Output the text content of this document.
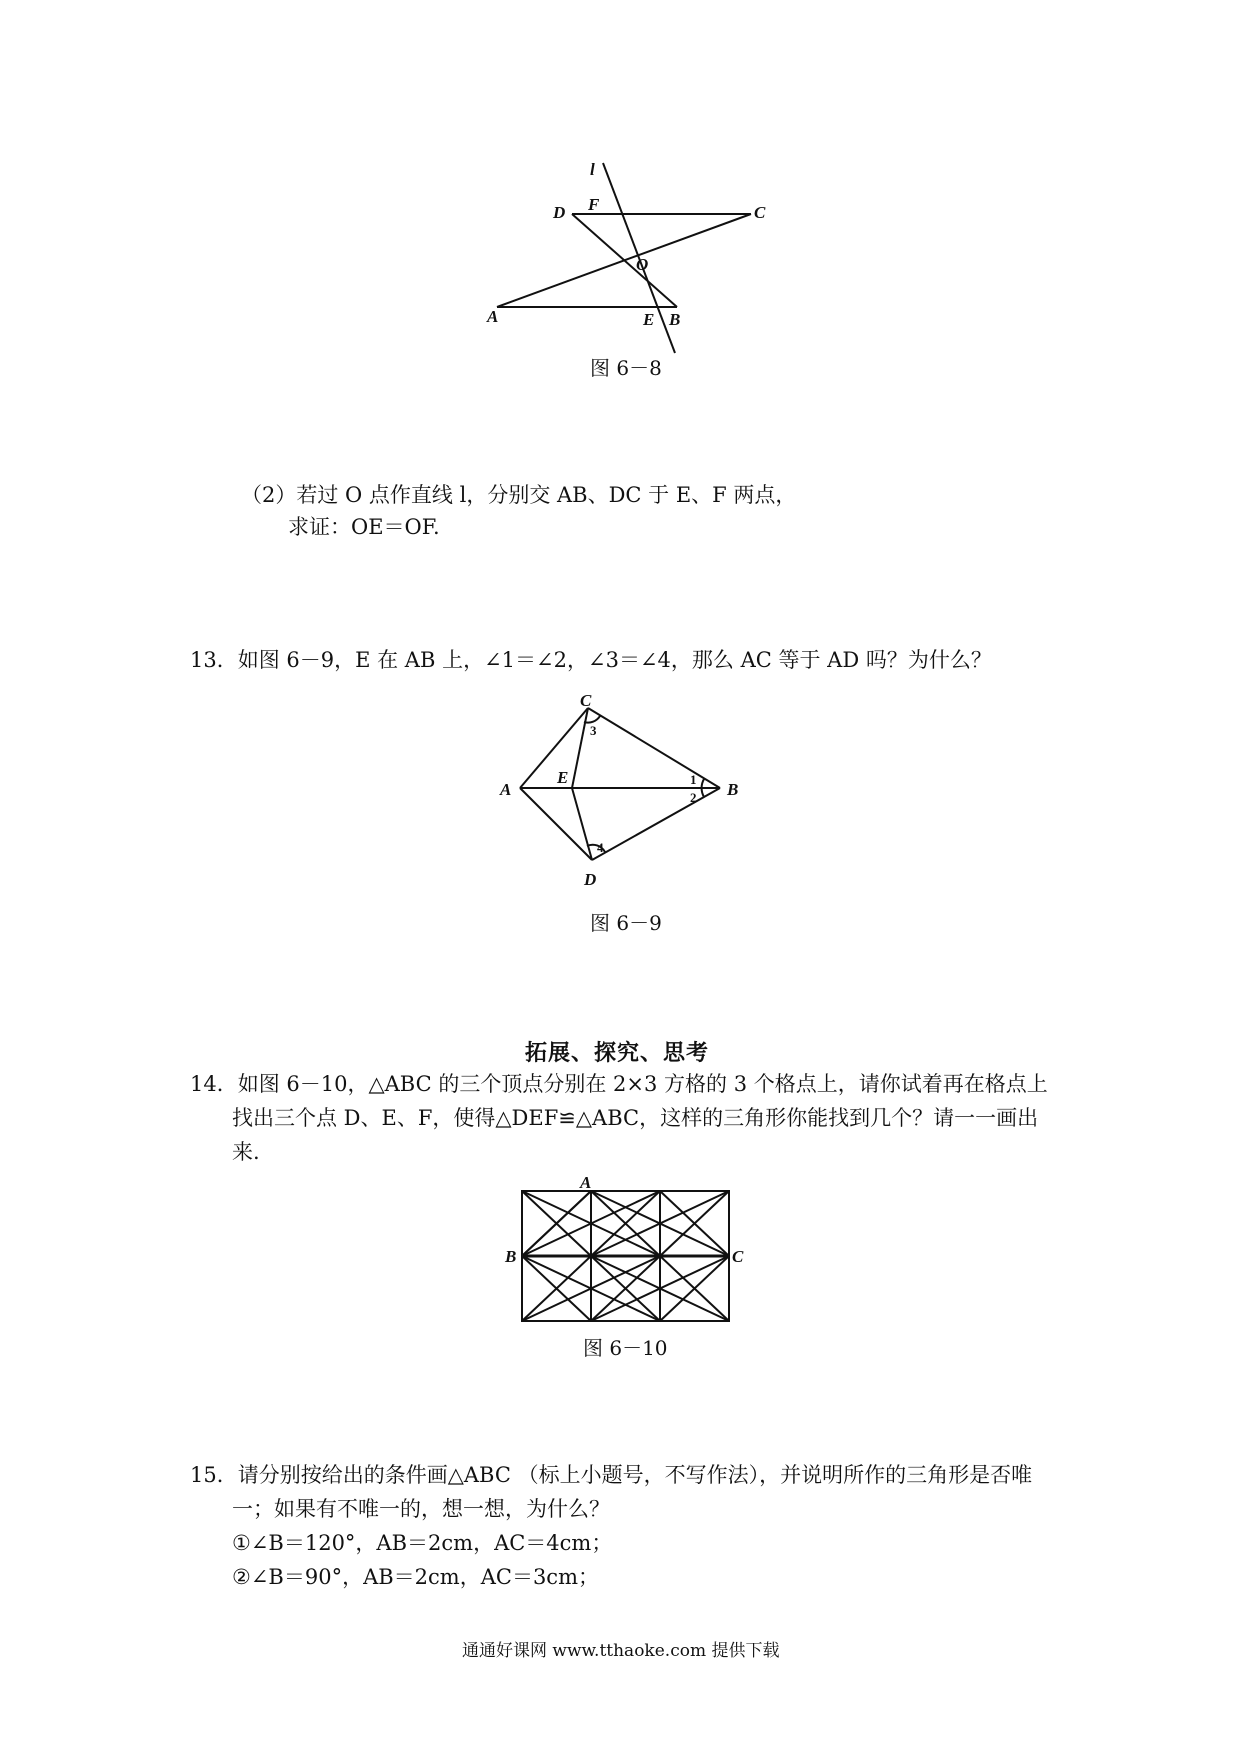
l
F
D	C
O
A	E B
图 6－8
（2）若过 O 点作直线 l，分别交 AB、DC 于 E、F 两点，
求证：OE＝OF.
13．如图 6－9，E 在 AB 上，∠1＝∠2，∠3＝∠4，那么 AC 等于 AD 吗？为什么？
C
A
E
B
D
1
2
3
4
图 6－9
拓展、探究、思考
14．如图 6－10，△ABC 的三个顶点分别在 2×3 方格的 3 个格点上，请你试着再在格点上
找出三个点 D、E、F，使得△DEF≌△ABC，这样的三角形你能找到几个？请一一画出
来.
A
B	C
图 6－10
15．请分别按给出的条件画△ABC （标上小题号，不写作法），并说明所作的三角形是否唯
一；如果有不唯一的，想一想，为什么？
①∠B＝120°，AB＝2cm，AC＝4cm；
②∠B＝90°，AB＝2cm，AC＝3cm；
通通好课网 www.tthaoke.com 提供下载
